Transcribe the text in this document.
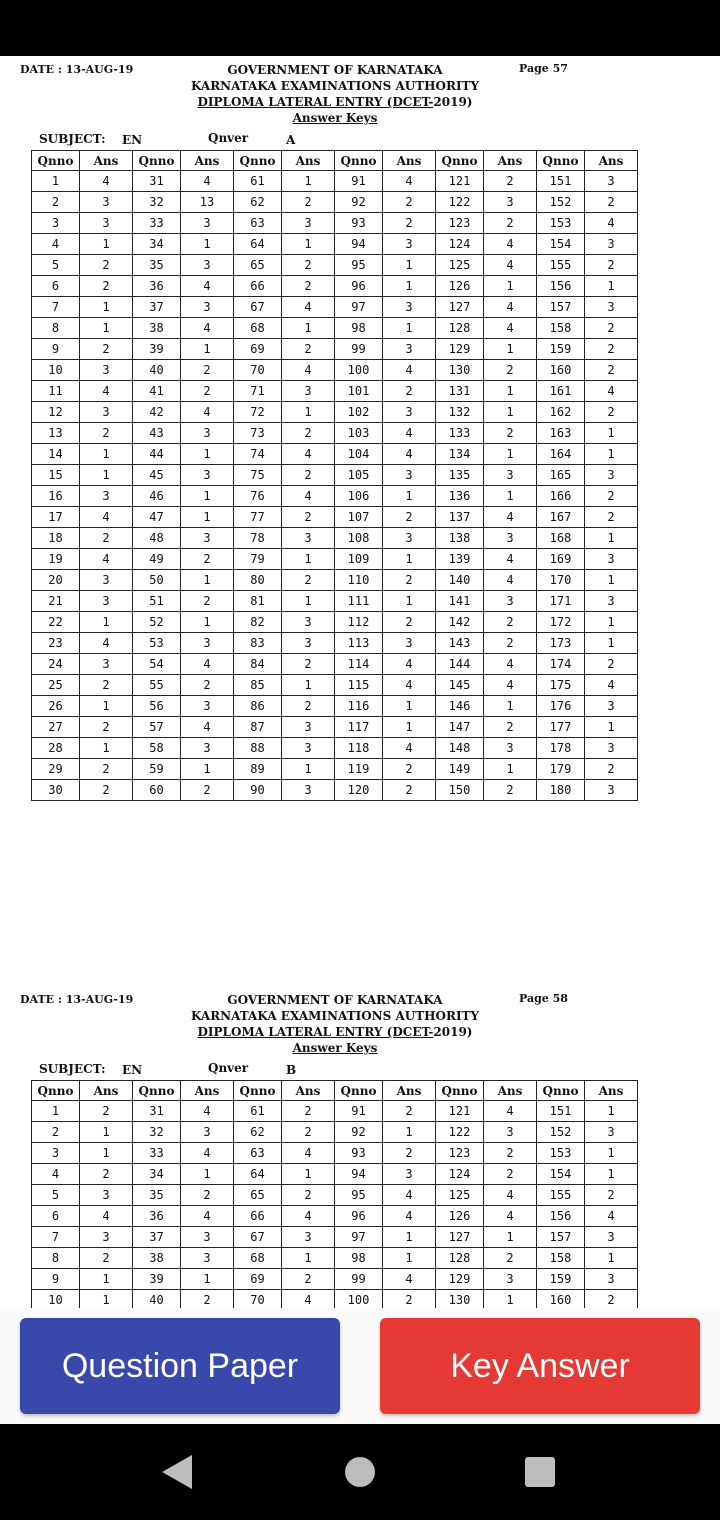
DATE : 13-AUG-19	GOVERNMENT OF KARNATAKA	Page 57
KARNATAKA EXAMINATIONS AUTHORITY
DIPLOMA LATERAL ENTRY (DCET-2019)
Answer Keys
SUBJECT: EN	Qnver	A
Qnno	Ans	Qnno	Ans	Qnno	Ans	Qnno	Ans	Qnno	Ans	Qnno	Ans
1	4	31	4	61	1	91	4	121	2	151	3
2	3	32	13	62	2	92	2	122	3	152	2
3	3	33	3	63	3	93	2	123	2	153	4
4	1	34	1	64	1	94	3	124	4	154	3
5	2	35	3	65	2	95	1	125	4	155	2
6	2	36	4	66	2	96	1	126	1	156	1
7	1	37	3	67	4	97	3	127	4	157	3
8	1	38	4	68	1	98	1	128	4	158	2
9	2	39	1	69	2	99	3	129	1	159	2
10	3	40	2	70	4	100	4	130	2	160	2
11	4	41	2	71	3	101	2	131	1	161	4
12	3	42	4	72	1	102	3	132	1	162	2
13	2	43	3	73	2	103	4	133	2	163	1
14	1	44	1	74	4	104	4	134	1	164	1
15	1	45	3	75	2	105	3	135	3	165	3
16	3	46	1	76	4	106	1	136	1	166	2
17	4	47	1	77	2	107	2	137	4	167	2
18	2	48	3	78	3	108	3	138	3	168	1
19	4	49	2	79	1	109	1	139	4	169	3
20	3	50	1	80	2	110	2	140	4	170	1
21	3	51	2	81	1	111	1	141	3	171	3
22	1	52	1	82	3	112	2	142	2	172	1
23	4	53	3	83	3	113	3	143	2	173	1
24	3	54	4	84	2	114	4	144	4	174	2
25	2	55	2	85	1	115	4	145	4	175	4
26	1	56	3	86	2	116	1	146	1	176	3
27	2	57	4	87	3	117	1	147	2	177	1
28	1	58	3	88	3	118	4	148	3	178	3
29	2	59	1	89	1	119	2	149	1	179	2
30	2	60	2	90	3	120	2	150	2	180	3
DATE : 13-AUG-19	GOVERNMENT OF KARNATAKA	Page 58
KARNATAKA EXAMINATIONS AUTHORITY
DIPLOMA LATERAL ENTRY (DCET-2019)
Answer Keys
SUBJECT: EN	Qnver	B
Qnno	Ans	Qnno	Ans	Qnno	Ans	Qnno	Ans	Qnno	Ans	Qnno	Ans
1	2	31	4	61	2	91	2	121	4	151	1
2	1	32	3	62	2	92	1	122	3	152	3
3	1	33	4	63	4	93	2	123	2	153	1
4	2	34	1	64	1	94	3	124	2	154	1
5	3	35	2	65	2	95	4	125	4	155	2
6	4	36	4	66	4	96	4	126	4	156	4
7	3	37	3	67	3	97	1	127	1	157	3
8	2	38	3	68	1	98	1	128	2	158	1
9	1	39	1	69	2	99	4	129	3	159	3
10	1	40	2	70	4	100	2	130	1	160	2
Question Paper	Key Answer
